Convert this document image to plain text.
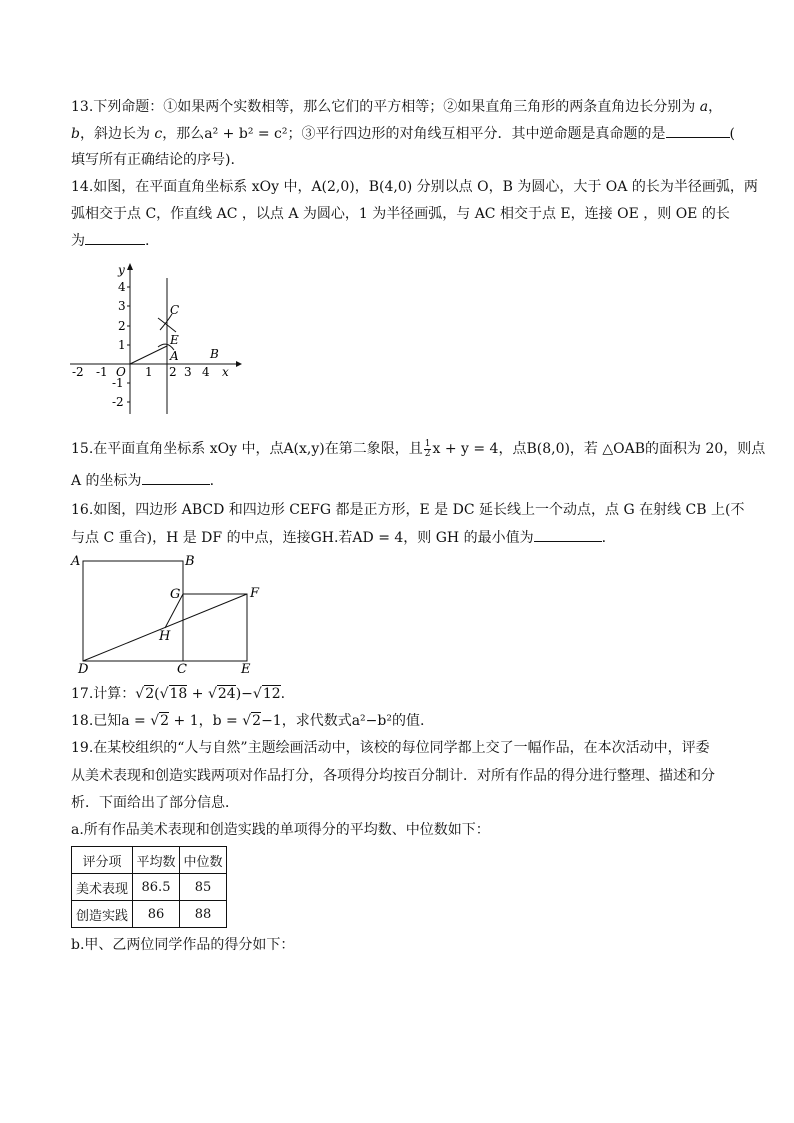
13.下列命题：①如果两个实数相等，那么它们的平方相等；②如果直角三角形的两条直角边长分别为 a，
b，斜边长为 c，那么a² + b² = c²；③平行四边形的对角线互相平分．其中逆命题是真命题的是	(
填写所有正确结论的序号).
14.如图，在平面直角坐标系 xOy 中，A(2,0)，B(4,0) 分别以点 O，B 为圆心，大于 OA 的长为半径画弧，两
弧相交于点 C，作直线 AC ，以点 A 为圆心，1 为半径画弧，与 AC 相交于点 E，连接 OE ，则 OE 的长
为	.
y
x
O
4
3
2
1
-1
-2
-2 -1	1 2 3 4
C
E
A	B
15.在平面直角坐标系 xOy 中，点A(x,y)在第二象限，且 $\frac{1}{2}$ x + y = 4，点B(8,0)，若 △OAB的面积为 20，则点
A 的坐标为	.
16.如图，四边形 ABCD 和四边形 CEFG 都是正方形，E 是 DC 延长线上一个动点，点 G 在射线 CB 上(不
与点 C 重合)，H 是 DF 的中点，连接GH.若AD = 4，则 GH 的最小值为	.
A	B
G	F
H
D	C	E
17.计算：√2(√18 + √24)−√12.
18.已知a = √2 + 1，b = √2−1，求代数式a²−b²的值.
19.在某校组织的“人与自然”主题绘画活动中，该校的每位同学都上交了一幅作品，在本次活动中，评委
从美术表现和创造实践两项对作品打分，各项得分均按百分制计．对所有作品的得分进行整理、描述和分
析．下面给出了部分信息．
a.所有作品美术表现和创造实践的单项得分的平均数、中位数如下：
评分项	平均数	中位数
美术表现	86.5	85
创造实践	86	88
b.甲、乙两位同学作品的得分如下：
